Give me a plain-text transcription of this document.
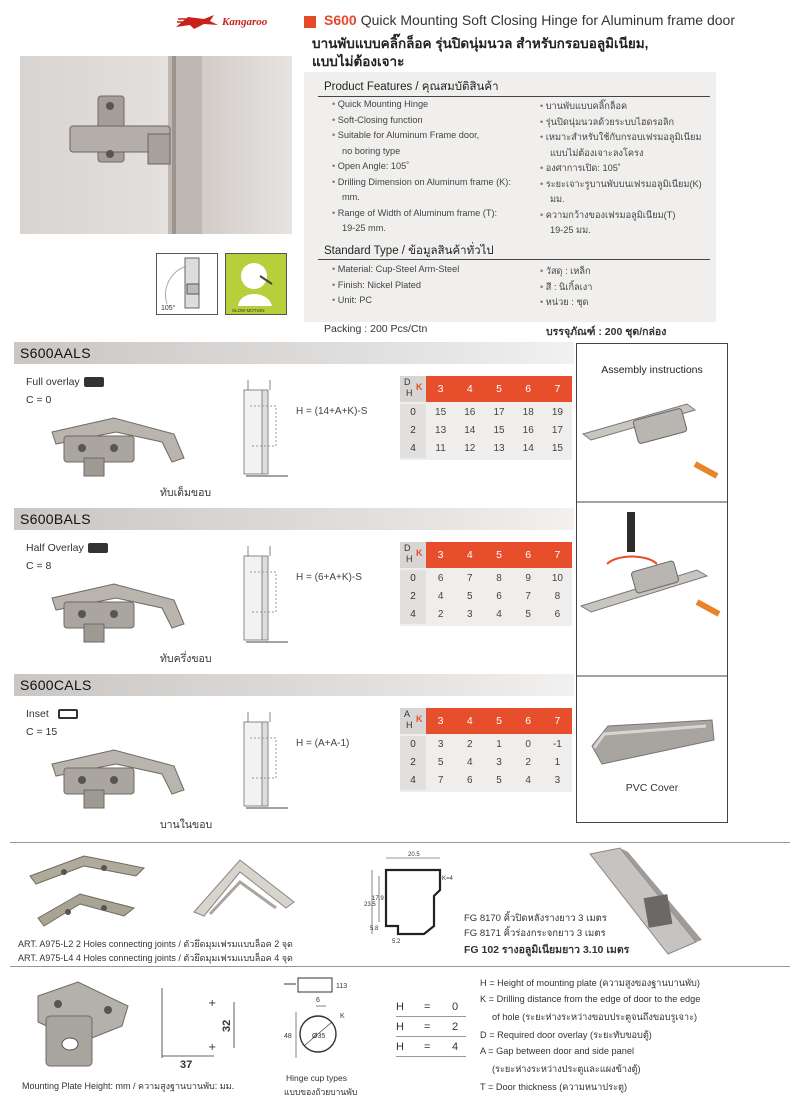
Kangaroo	S600 Quick Mounting Soft Closing Hinge for Aluminum frame door
บานพับแบบคลิ๊กล็อค รุ่นปิดนุ่มนวล สำหรับกรอบอลูมิเนียม,
แบบไม่ต้องเจาะ
105°	SLOW MOTION
Product Features / คุณสมบัติสินค้า
• Quick Mounting Hinge
• Soft-Closing function
• Suitable for Aluminum Frame door,
no boring type
• Open Angle: 105˚
• Drilling Dimension on Aluminum frame (K):
mm.
• Range of Width of Aluminum frame (T):
19-25 mm.
• บานพับแบบคลิ๊กล็อค
• รุ่นปิดนุ่มนวลด้วยระบบไฮดรอลิก
• เหมาะสำหรับใช้กับกรอบเฟรมอลูมิเนียม
แบบไม่ต้องเจาะลงโครง
• องศาการเปิด: 105˚
• ระยะเจาะรูบานพับบนเฟรมอลูมิเนียม(K)
มม.
• ความกว้างของเฟรมอลูมิเนียม(T)
19-25 มม.
Standard Type / ข้อมูลสินค้าทั่วไป
• Material: Cup-Steel Arm-Steel
• Finish: Nickel Plated
• Unit: PC
• วัสดุ : เหล็ก
• สี : นิเกิ้ลเงา
• หน่วย : ชุด
Packing : 200 Pcs/Ctn	บรรจุภัณฑ์ : 200 ชุด/กล่อง
Assembly instructions
PVC Cover
S600AALS
Full overlay
C = 0
ทับเต็มขอบ
H = (14+A+K)-S
D
H
K	3	4	5	6	7
0	15	16	17	18	19
2	13	14	15	16	17
4	11	12	13	14	15
S600BALS
Half Overlay
C = 8
ทับครึ่งขอบ
H = (6+A+K)-S
D
H
K	3	4	5	6	7
0	6	7	8	9	10
2	4	5	6	7	8
4	2	3	4	5	6
S600CALS
Inset
C = 15
บานในขอบ
H = (A+A-1)
A
H
K	3	4	5	6	7
0	3	2	1	0	-1
2	5	4	3	2	1
4	7	6	5	4	3
ART. A975-L2 2 Holes connecting joints / ตัวยึดมุมเฟรมแบบล็อค 2 จุด
ART. A975-L4 4 Holes connecting joints / ตัวยึดมุมเฟรมแบบล็อค 4 จุด
20.5
K=4
23.5
17.9
5.8
5.2
FG 8170 คิ้วปิดหลังรางยาว 3 เมตร
FG 8171 คิ้วร่องกระจกยาว 3 เมตร
FG 102 รางอลูมิเนียมยาว 3.10 เมตร
+
+
37
32
Mounting Plate Height: mm / ความสูงฐานบานพับ: มม.
113
6
K
48	Ø35
Hinge cup types
แบบของถ้วยบานพับ
H = 0
H = 2
H = 4
H = Height of mounting plate (ความสูงของฐานบานพับ)
K = Drilling distance from the edge of door to the edge
of hole (ระยะห่างระหว่างขอบประตูจนถึงขอบรูเจาะ)
D = Required door overlay (ระยะทับขอบตู้)
A = Gap between door and side panel
(ระยะห่างระหว่างประตูและแผงข้างตู้)
T = Door thickness (ความหนาประตู)
